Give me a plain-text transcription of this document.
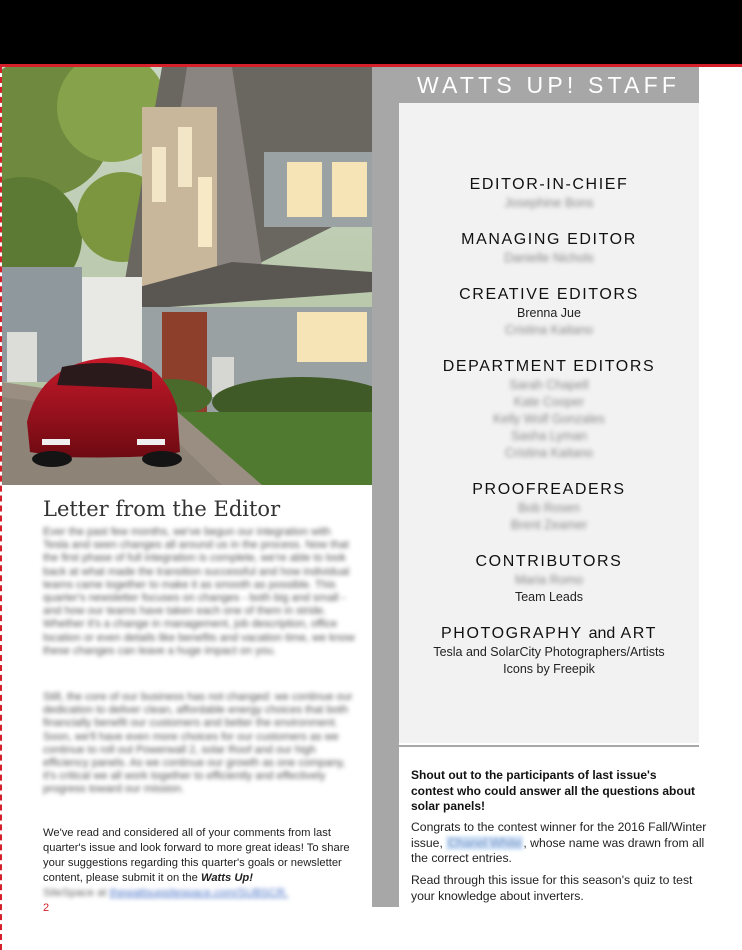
WATTS UP! STAFF
EDITOR-IN-CHIEF
Josephine Bons
MANAGING EDITOR
Danielle Nichols
CREATIVE EDITORS
Brenna Jue
Cristina Kaitano
DEPARTMENT EDITORS
Sarah Chapell
Kate Cooper
Kelly Wolf Gonzales
Sasha Lyman
Cristina Kaitano
PROOFREADERS
Bob Rosen
Brent Zeamer
CONTRIBUTORS
Maria Romo
Team Leads
PHOTOGRAPHY and ART
Tesla and SolarCity Photographers/Artists
Icons by Freepik
Letter from the Editor
Ever the past few months, we've begun our integration with Tesla and seen changes all around us in the process. Now that the first phase of full integration is complete, we're able to look back at what made the transition successful and how individual teams came together to make it as smooth as possible. This quarter's newsletter focuses on changes - both big and small - and how our teams have taken each one of them in stride. Whether it's a change in management, job description, office location or even details like benefits and vacation time, we know these changes can leave a huge impact on you.
Still, the core of our business has not changed: we continue our dedication to deliver clean, affordable energy choices that both financially benefit our customers and better the environment. Soon, we'll have even more choices for our customers as we continue to roll out Powerwall 2, solar Roof and our high efficiency panels. As we continue our growth as one company, it's critical we all work together to efficiently and effectively progress toward our mission.
We've read and considered all of your comments from last quarter's issue and look forward to more great ideas! To share your suggestions regarding this quarter's goals or newsletter content, please submit it on the Watts Up!
SiteSpace at thewattsupsitespace.com/SUBSCR.
2
Shout out to the participants of last issue's contest who could answer all the questions about solar panels!
Congrats to the contest winner for the 2016 Fall/Winter issue, Chanel White , whose name was drawn from all the correct entries.
Read through this issue for this season's quiz to test your knowledge about inverters.
